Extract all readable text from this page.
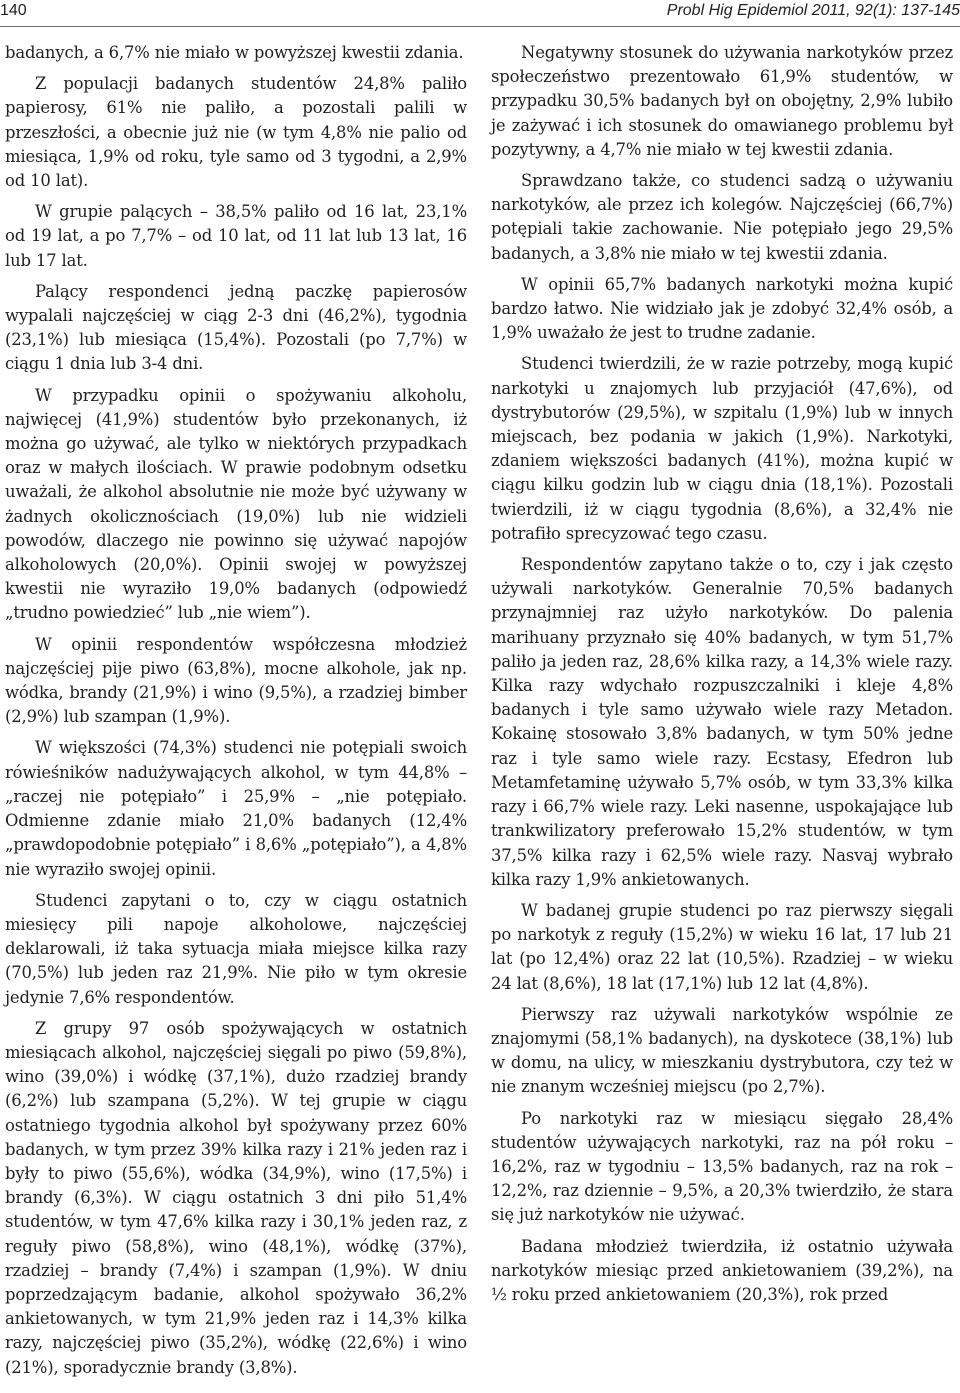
140	Probl Hig Epidemiol 2011, 92(1): 137-145

badanych, a 6,7% nie miało w powyższej kwestii zdania.

Z populacji badanych studentów 24,8% paliło papierosy, 61% nie paliło, a pozostali palili w przeszłości, a obecnie już nie (w tym 4,8% nie palio od miesiąca, 1,9% od roku, tyle samo od 3 tygodni, a 2,9% od 10 lat).

W grupie palących – 38,5% paliło od 16 lat, 23,1% od 19 lat, a po 7,7% – od 10 lat, od 11 lat lub 13 lat, 16 lub 17 lat.

Palący respondenci jedną paczkę papierosów wypalali najczęściej w ciąg 2-3 dni (46,2%), tygodnia (23,1%) lub miesiąca (15,4%). Pozostali (po 7,7%) w ciągu 1 dnia lub 3-4 dni.

W przypadku opinii o spożywaniu alkoholu, najwięcej (41,9%) studentów było przekonanych, iż można go używać, ale tylko w niektórych przypadkach oraz w małych ilościach. W prawie podobnym odsetku uważali, że alkohol absolutnie nie może być używany w żadnych okolicznościach (19,0%) lub nie widzieli powodów, dlaczego nie powinno się używać napojów alkoholowych (20,0%). Opinii swojej w powyższej kwestii nie wyraziło 19,0% badanych (odpowiedź „trudno powiedzieć” lub „nie wiem”).

W opinii respondentów współczesna młodzież najczęściej pije piwo (63,8%), mocne alkohole, jak np. wódka, brandy (21,9%) i wino (9,5%), a rzadziej bimber (2,9%) lub szampan (1,9%).

W większości (74,3%) studenci nie potępiali swoich rówieśników nadużywających alkohol, w tym 44,8% – „raczej nie potępiało” i 25,9% – „nie potępiało. Odmienne zdanie miało 21,0% badanych (12,4% „prawdopodobnie potępiało” i 8,6% „potępiało”), a 4,8% nie wyraziło swojej opinii.

Studenci zapytani o to, czy w ciągu ostatnich miesięcy pili napoje alkoholowe, najczęściej deklarowali, iż taka sytuacja miała miejsce kilka razy (70,5%) lub jeden raz 21,9%. Nie piło w tym okresie jedynie 7,6% respondentów.

Z grupy 97 osób spożywających w ostatnich miesiącach alkohol, najczęściej sięgali po piwo (59,8%), wino (39,0%) i wódkę (37,1%), dużo rzadziej brandy (6,2%) lub szampana (5,2%). W tej grupie w ciągu ostatniego tygodnia alkohol był spożywany przez 60% badanych, w tym przez 39% kilka razy i 21% jeden raz i były to piwo (55,6%), wódka (34,9%), wino (17,5%) i brandy (6,3%). W ciągu ostatnich 3 dni piło 51,4% studentów, w tym 47,6% kilka razy i 30,1% jeden raz, z reguły piwo (58,8%), wino (48,1%), wódkę (37%), rzadziej – brandy (7,4%) i szampan (1,9%). W dniu poprzedzającym badanie, alkohol spożywało 36,2% ankietowanych, w tym 21,9% jeden raz i 14,3% kilka razy, najczęściej piwo (35,2%), wódkę (22,6%) i wino (21%), sporadycznie brandy (3,8%).

Negatywny stosunek do używania narkotyków przez społeczeństwo prezentowało 61,9% studentów, w przypadku 30,5% badanych był on obojętny, 2,9% lubiło je zażywać i ich stosunek do omawianego problemu był pozytywny, a 4,7% nie miało w tej kwestii zdania.

Sprawdzano także, co studenci sadzą o używaniu narkotyków, ale przez ich kolegów. Najczęściej (66,7%) potępiali takie zachowanie. Nie potępiało jego 29,5% badanych, a 3,8% nie miało w tej kwestii zdania.

W opinii 65,7% badanych narkotyki można kupić bardzo łatwo. Nie widziało jak je zdobyć 32,4% osób, a 1,9% uważało że jest to trudne zadanie.

Studenci twierdzili, że w razie potrzeby, mogą kupić narkotyki u znajomych lub przyjaciół (47,6%), od dystrybutorów (29,5%), w szpitalu (1,9%) lub w innych miejscach, bez podania w jakich (1,9%). Narkotyki, zdaniem większości badanych (41%), można kupić w ciągu kilku godzin lub w ciągu dnia (18,1%). Pozostali twierdzili, iż w ciągu tygodnia (8,6%), a 32,4% nie potrafiło sprecyzować tego czasu.

Respondentów zapytano także o to, czy i jak często używali narkotyków. Generalnie 70,5% badanych przynajmniej raz użyło narkotyków. Do palenia marihuany przyznało się 40% badanych, w tym 51,7% paliło ja jeden raz, 28,6% kilka razy, a 14,3% wiele razy. Kilka razy wdychało rozpuszczalniki i kleje 4,8% badanych i tyle samo używało wiele razy Metadon. Kokainę stosowało 3,8% badanych, w tym 50% jedne raz i tyle samo wiele razy. Ecstasy, Efedron lub Metamfetaminę używało 5,7% osób, w tym 33,3% kilka razy i 66,7% wiele razy. Leki nasenne, uspokajające lub trankwilizatory preferowało 15,2% studentów, w tym 37,5% kilka razy i 62,5% wiele razy. Nasvaj wybrało kilka razy 1,9% ankietowanych.

W badanej grupie studenci po raz pierwszy sięgali po narkotyk z reguły (15,2%) w wieku 16 lat, 17 lub 21 lat (po 12,4%) oraz 22 lat (10,5%). Rzadziej – w wieku 24 lat (8,6%), 18 lat (17,1%) lub 12 lat (4,8%).

Pierwszy raz używali narkotyków wspólnie ze znajomymi (58,1% badanych), na dyskotece (38,1%) lub w domu, na ulicy, w mieszkaniu dystrybutora, czy też w nie znanym wcześniej miejscu (po 2,7%).

Po narkotyki raz w miesiącu sięgało 28,4% studentów używających narkotyki, raz na pół roku – 16,2%, raz w tygodniu – 13,5% badanych, raz na rok – 12,2%, raz dziennie – 9,5%, a 20,3% twierdziło, że stara się już narkotyków nie używać.

Badana młodzież twierdziła, iż ostatnio używała narkotyków miesiąc przed ankietowaniem (39,2%), na ½ roku przed ankietowaniem (20,3%), rok przed
